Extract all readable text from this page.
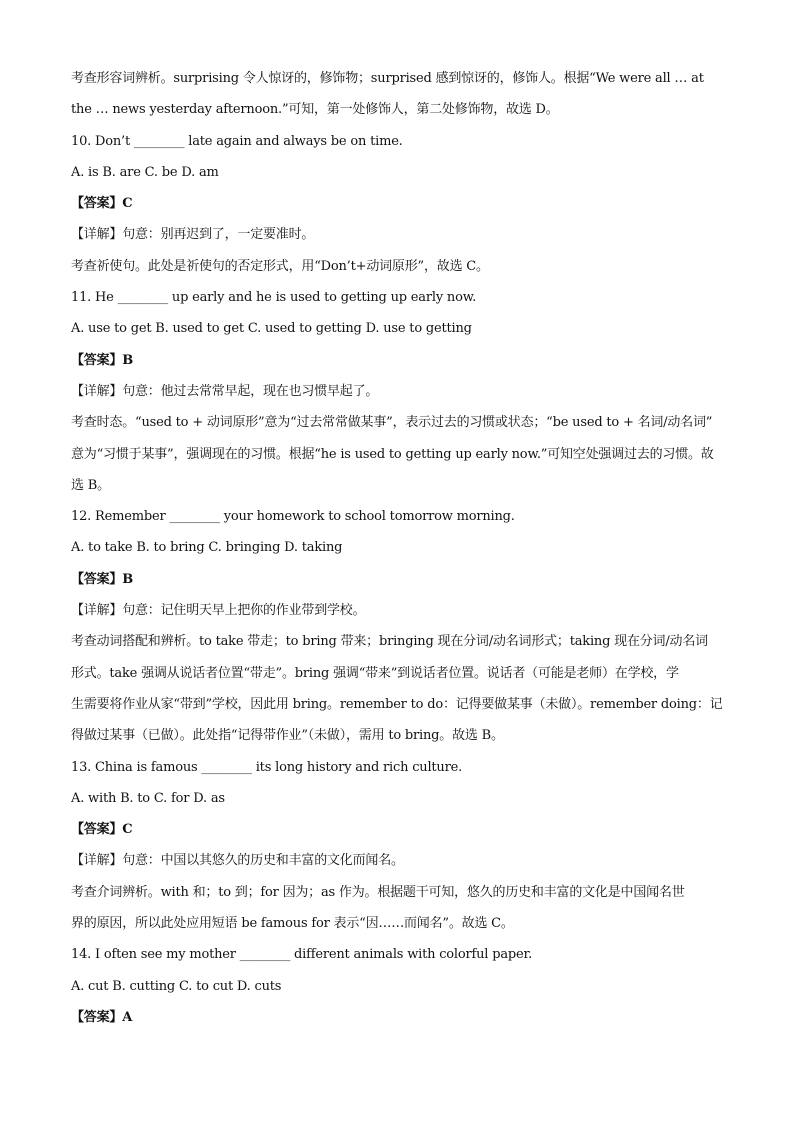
考查形容词辨析。surprising 令人惊讶的，修饰物；surprised 感到惊讶的，修饰人。根据“We were all … at
the … news yesterday afternoon.”可知，第一处修饰人，第二处修饰物，故选 D。
10. Don’t ________ late again and always be on time.
A. is B. are C. be D. am
【答案】C
【详解】句意：别再迟到了，一定要准时。
考查祈使句。此处是祈使句的否定形式，用“Don’t+动词原形”，故选 C。
11. He ________ up early and he is used to getting up early now.
A. use to get B. used to get C. used to getting D. use to getting
【答案】B
【详解】句意：他过去常常早起，现在也习惯早起了。
考查时态。“used to + 动词原形”意为“过去常常做某事”，表示过去的习惯或状态；“be used to + 名词/动名词”
意为“习惯于某事”，强调现在的习惯。根据“he is used to getting up early now.”可知空处强调过去的习惯。故
选 B。
12. Remember ________ your homework to school tomorrow morning.
A. to take B. to bring C. bringing D. taking
【答案】B
【详解】句意：记住明天早上把你的作业带到学校。
考查动词搭配和辨析。to take 带走；to bring 带来；bringing 现在分词/动名词形式；taking 现在分词/动名词
形式。take 强调从说话者位置“带走”。bring 强调“带来”到说话者位置。说话者（可能是老师）在学校，学
生需要将作业从家“带到”学校，因此用 bring。remember to do：记得要做某事（未做）。remember doing：记
得做过某事（已做）。此处指“记得带作业”（未做），需用 to bring。故选 B。
13. China is famous ________ its long history and rich culture.
A. with B. to C. for D. as
【答案】C
【详解】句意：中国以其悠久的历史和丰富的文化而闻名。
考查介词辨析。with 和；to 到；for 因为；as 作为。根据题干可知，悠久的历史和丰富的文化是中国闻名世
界的原因，所以此处应用短语 be famous for 表示“因……而闻名”。故选 C。
14. I often see my mother ________ different animals with colorful paper.
A. cut B. cutting C. to cut D. cuts
【答案】A
